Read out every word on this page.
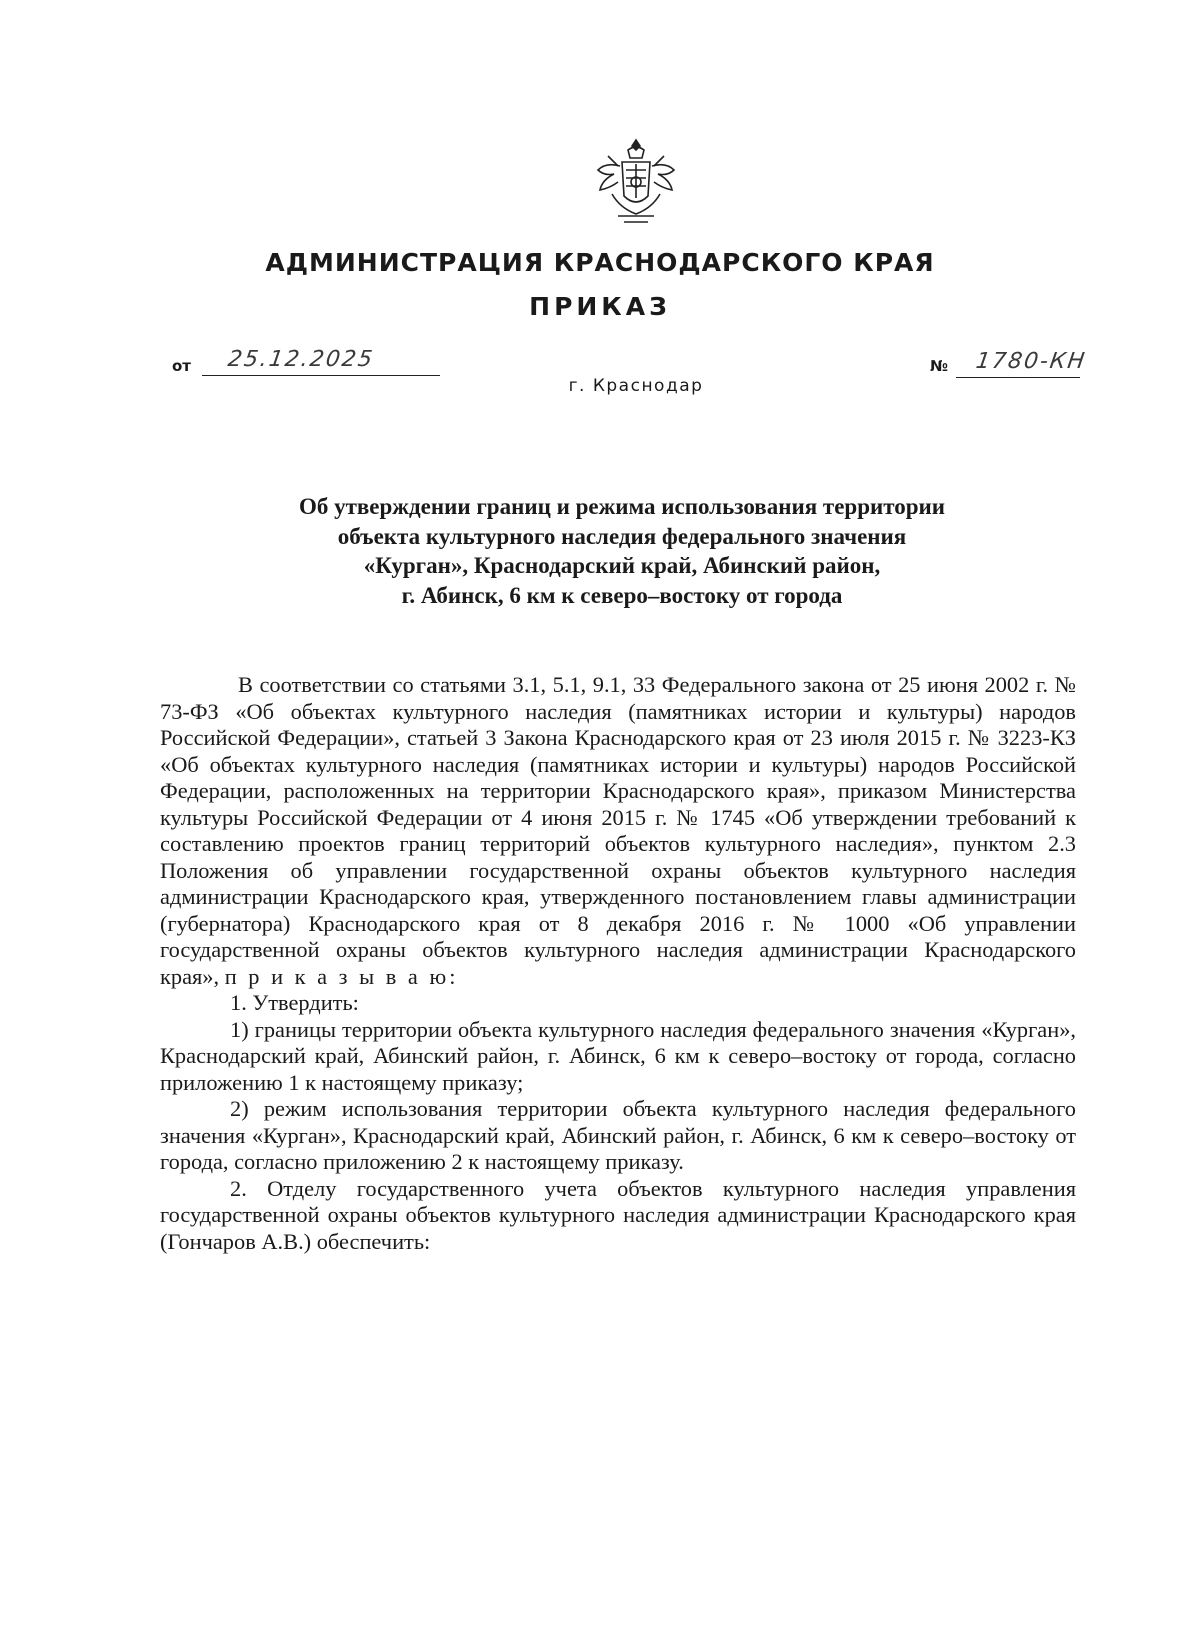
АДМИНИСТРАЦИЯ КРАСНОДАРСКОГО КРАЯ
ПРИКАЗ
от 25.12.2025	№ 1780-КН
г. Краснодар
Об утверждении границ и режима использования территории
объекта культурного наследия федерального значения
«Курган», Краснодарский край, Абинский район,
г. Абинск, 6 км к северо–востоку от города

В соответствии со статьями 3.1, 5.1, 9.1, 33 Федерального закона от 25 июня 2002 г. № 73-ФЗ «Об объектах культурного наследия (памятниках истории и культуры) народов Российской Федерации», статьей 3 Закона Краснодарского края от 23 июля 2015 г. № 3223-КЗ «Об объектах культурного наследия (памятниках истории и культуры) народов Российской Федерации, расположенных на территории Краснодарского края», приказом Министерства культуры Российской Федерации от 4 июня 2015 г. № 1745 «Об утверждении требований к составлению проектов границ территорий объектов культурного наследия», пунктом 2.3 Положения об управлении государственной охраны объектов культурного наследия администрации Краснодарского края, утвержденного постановлением главы администрации (губернатора) Краснодарского края от 8 декабря 2016 г. № 1000 «Об управлении государственной охраны объектов культурного наследия администрации Краснодарского края», п р и к а з ы в а ю:

1. Утвердить:

1) границы территории объекта культурного наследия федерального значения «Курган», Краснодарский край, Абинский район, г. Абинск, 6 км к северо–востоку от города, согласно приложению 1 к настоящему приказу;

2) режим использования территории объекта культурного наследия федерального значения «Курган», Краснодарский край, Абинский район, г. Абинск, 6 км к северо–востоку от города, согласно приложению 2 к настоящему приказу.

2. Отделу государственного учета объектов культурного наследия управления государственной охраны объектов культурного наследия администрации Краснодарского края (Гончаров А.В.) обеспечить:
